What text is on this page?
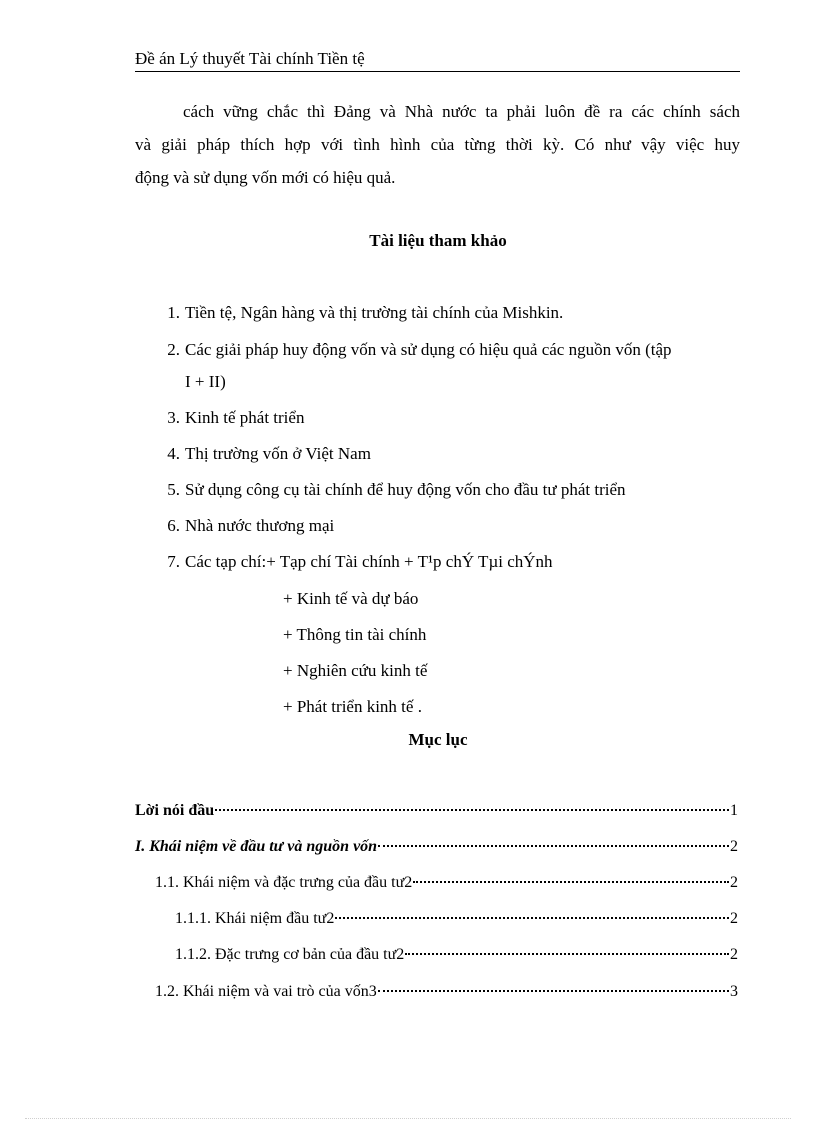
Đề án Lý thuyết Tài chính Tiền tệ
cách vững chắc thì Đảng và Nhà nước ta phải luôn đề ra các chính sách
và giải pháp thích hợp với tình hình của từng thời kỳ. Có như vậy việc huy
động và sử dụng vốn mới có hiệu quả.
Tài liệu tham khảo
1. Tiền tệ, Ngân hàng và thị trường tài chính của Mishkin.
2. Các giải pháp huy động vốn và sử dụng có hiệu quả các nguồn vốn (tập
I + II)
3. Kinh tế phát triển
4. Thị trường vốn ở Việt Nam
5. Sử dụng công cụ tài chính để huy động vốn cho đầu tư phát triển
6. Nhà nước thương mại
7. Các tạp chí:+ Tạp chí Tài chính + T¹p chÝ Tµi chÝnh
+ Kinh tế và dự báo
+ Thông tin tài chính
+ Nghiên cứu kinh tế
+ Phát triển kinh tế .
Mục lục
Lời nói đầu	1
I. Khái niệm về đầu tư và nguồn vốn	2
1.1. Khái niệm và đặc trưng của đầu tư2	2
1.1.1. Khái niệm đầu tư2	2
1.1.2. Đặc trưng cơ bản của đầu tư2	2
1.2. Khái niệm và vai trò của vốn3	3
